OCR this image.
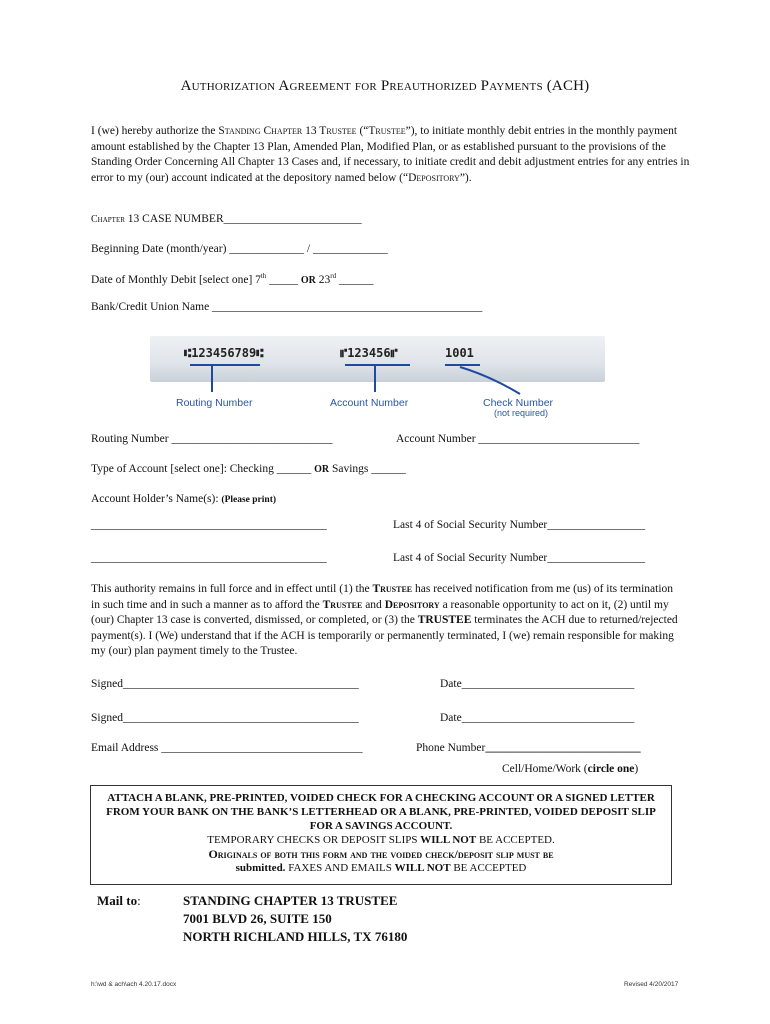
Authorization Agreement for Preauthorized Payments (ACH)

I (we) hereby authorize the Standing Chapter 13 Trustee (“Trustee”), to initiate monthly debit entries in the monthly payment amount established by the Chapter 13 Plan, Amended Plan, Modified Plan, or as established pursuant to the provisions of the Standing Order Concerning All Chapter 13 Cases and, if necessary, to initiate credit and debit adjustment entries for any entries in error to my (our) account indicated at the depository named below (“Depository”).

Chapter 13 CASE NUMBER________________________
Beginning Date (month/year) _____________ / _____________
Date of Monthly Debit [select one] 7th _____ OR 23rd ______
Bank/Credit Union Name _______________________________________________
⑆123456789⑆	⑈123456⑈	1001
Routing Number	Account Number	Check Number
(not required)
Routing Number ____________________________	Account Number ____________________________
Type of Account [select one]: Checking ______ OR Savings ______
Account Holder’s Name(s): (Please print)
_________________________________________	Last 4 of Social Security Number_________________
_________________________________________	Last 4 of Social Security Number_________________

This authority remains in full force and in effect until (1) the Trustee has received notification from me (us) of its termination in such time and in such a manner as to afford the Trustee and Depository a reasonable opportunity to act on it, (2) until my (our) Chapter 13 case is converted, dismissed, or completed, or (3) the TRUSTEE terminates the ACH due to returned/rejected payment(s). I (We) understand that if the ACH is temporarily or permanently terminated, I (we) remain responsible for making my (our) plan payment timely to the Trustee.

Signed_________________________________________	Date______________________________
Signed_________________________________________	Date______________________________
Email Address ___________________________________	Phone Number___________________________
Cell/Home/Work (circle one)

ATTACH A BLANK, PRE-PRINTED, VOIDED CHECK FOR A CHECKING ACCOUNT OR A SIGNED LETTER FROM YOUR BANK ON THE BANK’S LETTERHEAD OR A BLANK, PRE-PRINTED, VOIDED DEPOSIT SLIP FOR A SAVINGS ACCOUNT.

TEMPORARY CHECKS OR DEPOSIT SLIPS WILL NOT BE ACCEPTED.

Originals of both this form and the voided check/deposit slip must be

submitted. FAXES AND EMAILS WILL NOT BE ACCEPTED

Mail to:	STANDING CHAPTER 13 TRUSTEE
7001 BLVD 26, SUITE 150
NORTH RICHLAND HILLS, TX 76180
h:\wd & ach\ach 4.20.17.docx	Revised 4/20/2017
